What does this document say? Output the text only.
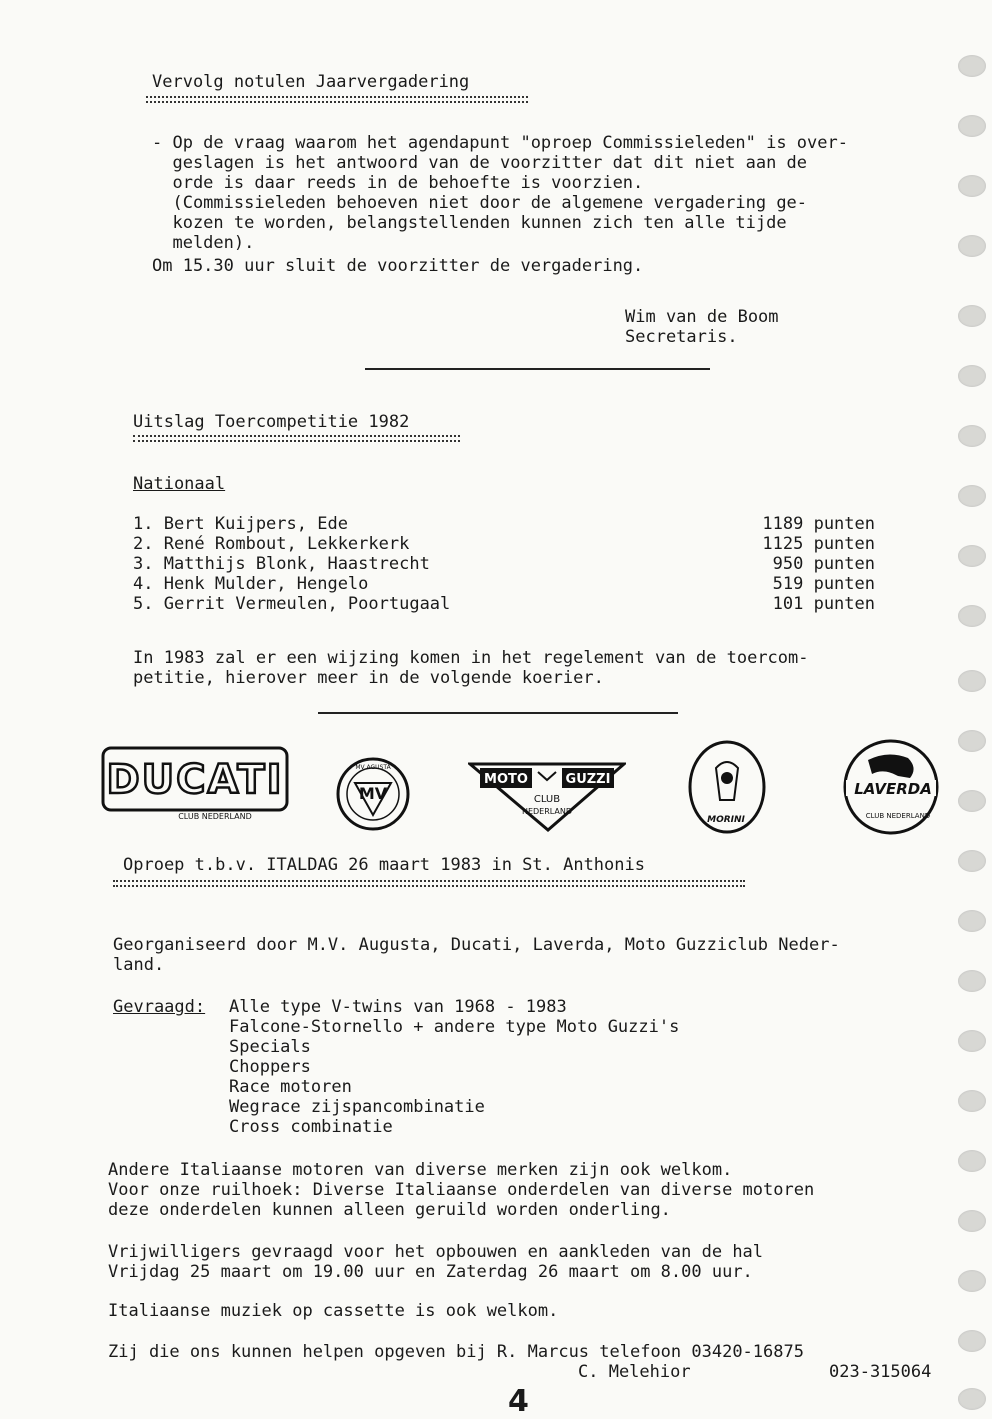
Vervolg notulen Jaarvergadering
- Op de vraag waarom het agendapunt "oproep Commissieleden" is over-
geslagen is het antwoord van de voorzitter dat dit niet aan de
orde is daar reeds in de behoefte is voorzien.
(Commissieleden behoeven niet door de algemene vergadering ge-
kozen te worden, belangstellenden kunnen zich ten alle tijde
melden).
Om 15.30 uur sluit de voorzitter de vergadering.
Wim van de Boom
Secretaris.
Uitslag Toercompetitie 1982
Nationaal
1. Bert Kuijpers, Ede	1189 punten
2. René Rombout, Lekkerkerk	1125 punten
3. Matthijs Blonk, Haastrecht	950 punten
4. Henk Mulder, Hengelo	519 punten
5. Gerrit Vermeulen, Poortugaal	101 punten
In 1983 zal er een wijzing komen in het regelement van de toercom-
petitie, hierover meer in de volgende koerier.
DUCATI
CLUB NEDERLAND
MV
MV AGUSTA
MOTO	GUZZI
CLUB
NEDERLAND
MORINI
LAVERDA
CLUB NEDERLAND
Oproep t.b.v. ITALDAG 26 maart 1983 in St. Anthonis
Georganiseerd door M.V. Augusta, Ducati, Laverda, Moto Guzziclub Neder-
land.
Gevraagd: Alle type V-twins van 1968 - 1983
Falcone-Stornello + andere type Moto Guzzi's
Specials
Choppers
Race motoren
Wegrace zijspancombinatie
Cross combinatie
Andere Italiaanse motoren van diverse merken zijn ook welkom.
Voor onze ruilhoek: Diverse Italiaanse onderdelen van diverse motoren
deze onderdelen kunnen alleen geruild worden onderling.
Vrijwilligers gevraagd voor het opbouwen en aankleden van de hal
Vrijdag 25 maart om 19.00 uur en Zaterdag 26 maart om 8.00 uur.
Italiaanse muziek op cassette is ook welkom.
Zij die ons kunnen helpen opgeven bij R. Marcus telefoon 03420-16875
C. Melehior	023-315064
4
